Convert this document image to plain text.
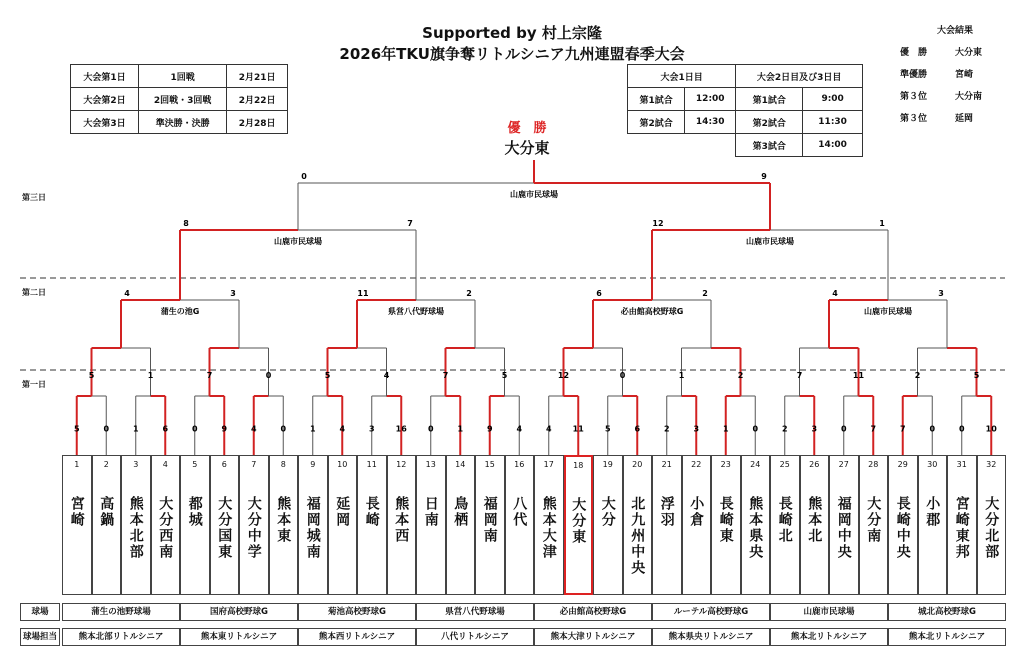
Supported by 村上宗隆
2026年TKU旗争奪リトルシニア九州連盟春季大会
大会第1日	1回戦	2月21日
大会第2日	2回戦・3回戦	2月22日
大会第3日	準決勝・決勝	2月28日
大会1日目		大会2日目及び3日目	
第1試合	12:00	第1試合	9:00
第2試合	14:30	第2試合	11:30
		第3試合	14:00
大会結果
優　勝	大分東
準優勝	宮崎
第３位	大分南
第３位	延岡
優　勝
大分東
第三日
第二日
第一日
5	0	1	6	0	9	4	0	1	4	3	16	0	1	9	4	4	11	5	6	2	3	1	0	2	3	0	7	7	0	0	10
5	1	7	0	5	4	7	5	12	0	1	2	7	11	2	5
4	3
蒲生の池G
11	2
県営八代野球場
6	2
必由館高校野球G
4	3
山鹿市民球場
8	7
山鹿市民球場
12	1
山鹿市民球場
0	9
山鹿市民球場
1
宮崎
2
高鍋
3
熊本北部
4
大分西南
5
都城
6
大分国東
7
大分中学
8
熊本東
9
福岡城南
10
延岡
11
長崎
12
熊本西
13
日南
14
鳥栖
15
福岡南
16
八代
17
熊本大津
18
大分東
19
大分
20
北九州中央
21
浮羽
22
小倉
23
長崎東
24
熊本県央
25
長崎北
26
熊本北
27
福岡中央
28
大分南
29
長崎中央
30
小郡
31
宮崎東邦
32
大分北部
球場
球場担当
蒲生の池野球場	国府高校野球G	菊池高校野球G	県営八代野球場	必由館高校野球G	ルーテル高校野球G	山鹿市民球場	城北高校野球G
熊本北部リトルシニア	熊本東リトルシニア	熊本西リトルシニア	八代リトルシニア	熊本大津リトルシニア	熊本県央リトルシニア	熊本北リトルシニア	熊本北リトルシニア
